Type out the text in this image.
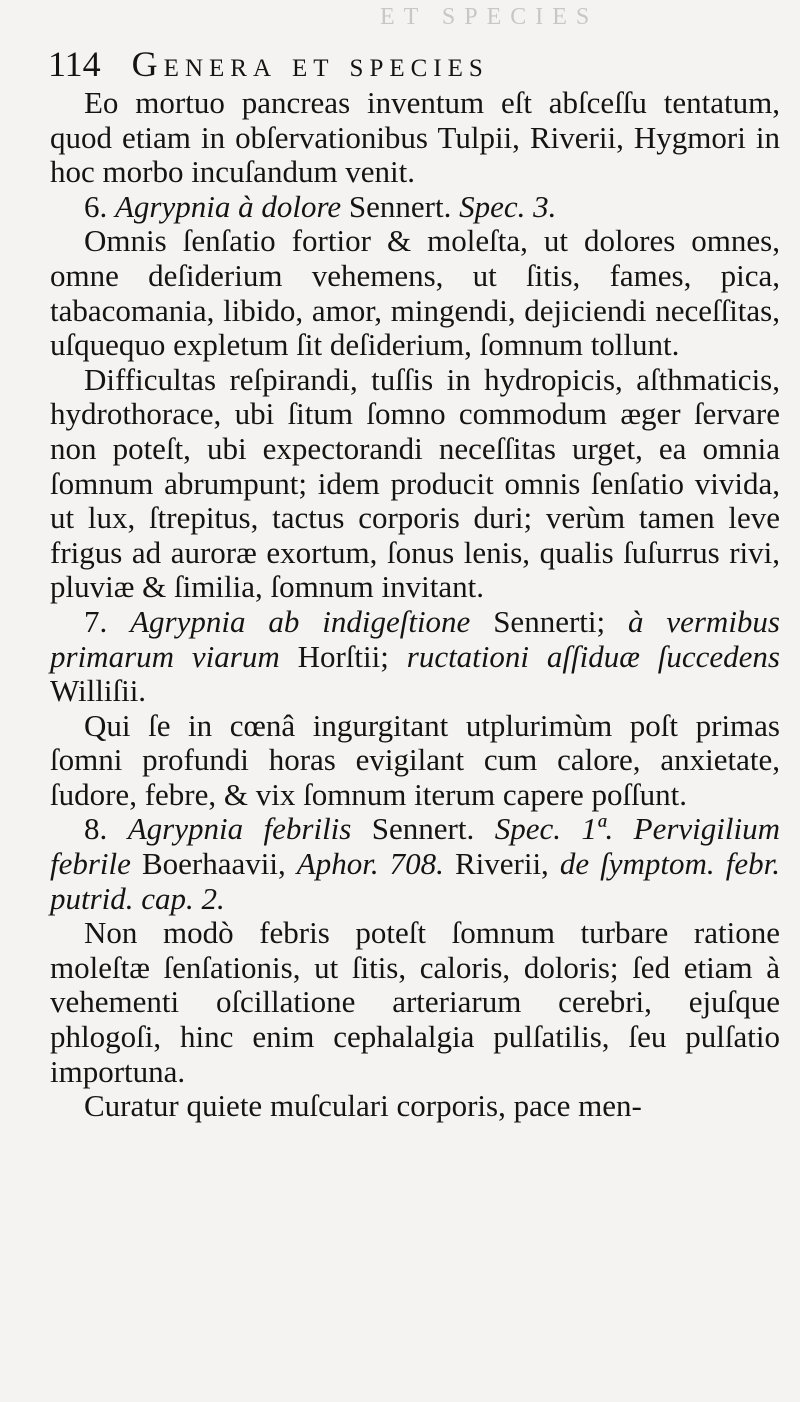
ET SPECIES
114 Genera et species

Eo mortuo pancreas inventum eſt abſceſſu tentatum, quod etiam in obſervationibus Tulpii, Riverii, Hygmori in hoc morbo incuſandum venit.

6. Agrypnia à dolore Sennert. Spec. 3.

Omnis ſenſatio fortior & moleſta, ut dolores omnes, omne deſiderium vehemens, ut ſitis, fames, pica, tabacomania, libido, amor, mingendi, dejiciendi neceſſitas, uſquequo expletum ſit deſiderium, ſomnum tollunt.

Difficultas reſpirandi, tuſſis in hydropicis, aſthmaticis, hydrothorace, ubi ſitum ſomno commodum æger ſervare non poteſt, ubi expectorandi neceſſitas urget, ea omnia ſomnum abrumpunt; idem producit omnis ſenſatio vivida, ut lux, ſtrepitus, tactus corporis duri; verùm tamen leve frigus ad auroræ exortum, ſonus lenis, qualis ſuſurrus rivi, pluviæ & ſimilia, ſomnum invitant.

7. Agrypnia ab indigeſtione Sennerti; à vermibus primarum viarum Horſtii; ructationi aſſiduæ ſuccedens Williſii.

Qui ſe in cœnâ ingurgitant utplurimùm poſt primas ſomni profundi horas evigilant cum calore, anxietate, ſudore, febre, & vix ſomnum iterum capere poſſunt.

8. Agrypnia febrilis Sennert. Spec. 1ª. Pervigilium febrile Boerhaavii, Aphor. 708. Riverii, de ſymptom. febr. putrid. cap. 2.

Non modò febris poteſt ſomnum turbare ratione moleſtæ ſenſationis, ut ſitis, caloris, doloris; ſed etiam à vehementi oſcillatione arteriarum cerebri, ejuſque phlogoſi, hinc enim cephalalgia pulſatilis, ſeu pulſatio importuna.

Curatur quiete muſculari corporis, pace men-
